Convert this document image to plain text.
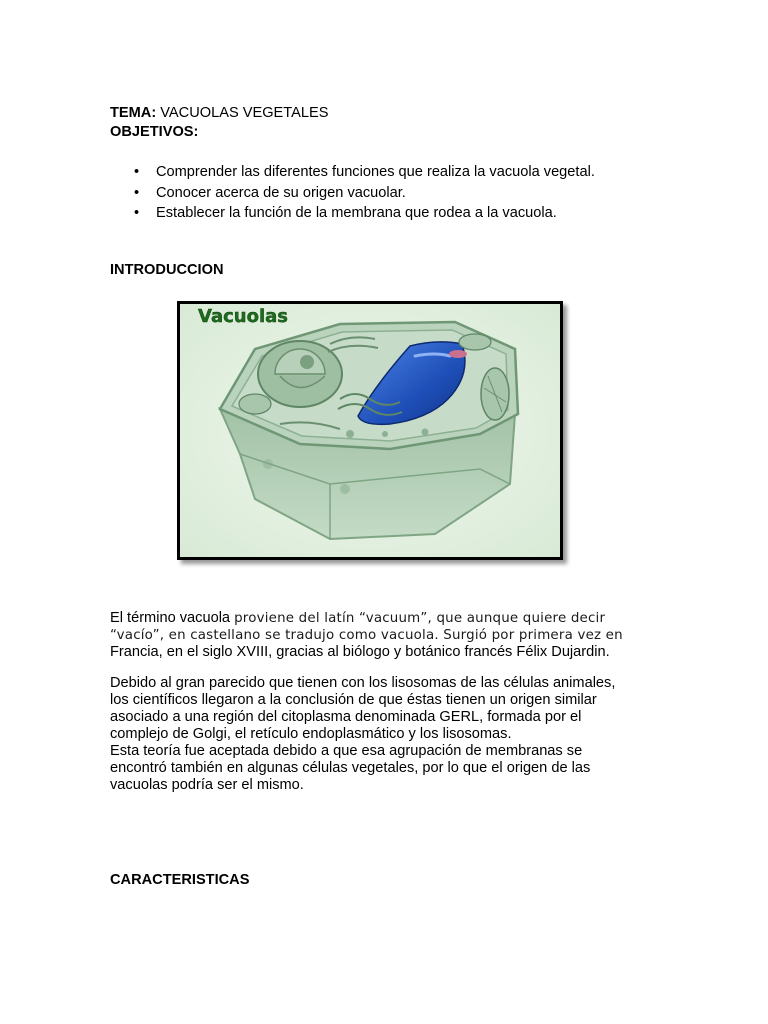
TEMA: VACUOLAS VEGETALES
OBJETIVOS:
• Comprender las diferentes funciones que realiza la vacuola vegetal.
• Conocer acerca de su origen vacuolar.
• Establecer la función de la membrana que rodea a la vacuola.
INTRODUCCION
Vacuolas
El término vacuola proviene del latín “vacuum”, que aunque quiere decir
“vacío”, en castellano se tradujo como vacuola. Surgió por primera vez en
Francia, en el siglo XVIII, gracias al biólogo y botánico francés Félix Dujardin.
Debido al gran parecido que tienen con los lisosomas de las células animales,
los científicos llegaron a la conclusión de que éstas tienen un origen similar
asociado a una región del citoplasma denominada GERL, formada por el
complejo de Golgi, el retículo endoplasmático y los lisosomas.
Esta teoría fue aceptada debido a que esa agrupación de membranas se
encontró también en algunas células vegetales, por lo que el origen de las
vacuolas podría ser el mismo.
CARACTERISTICAS
